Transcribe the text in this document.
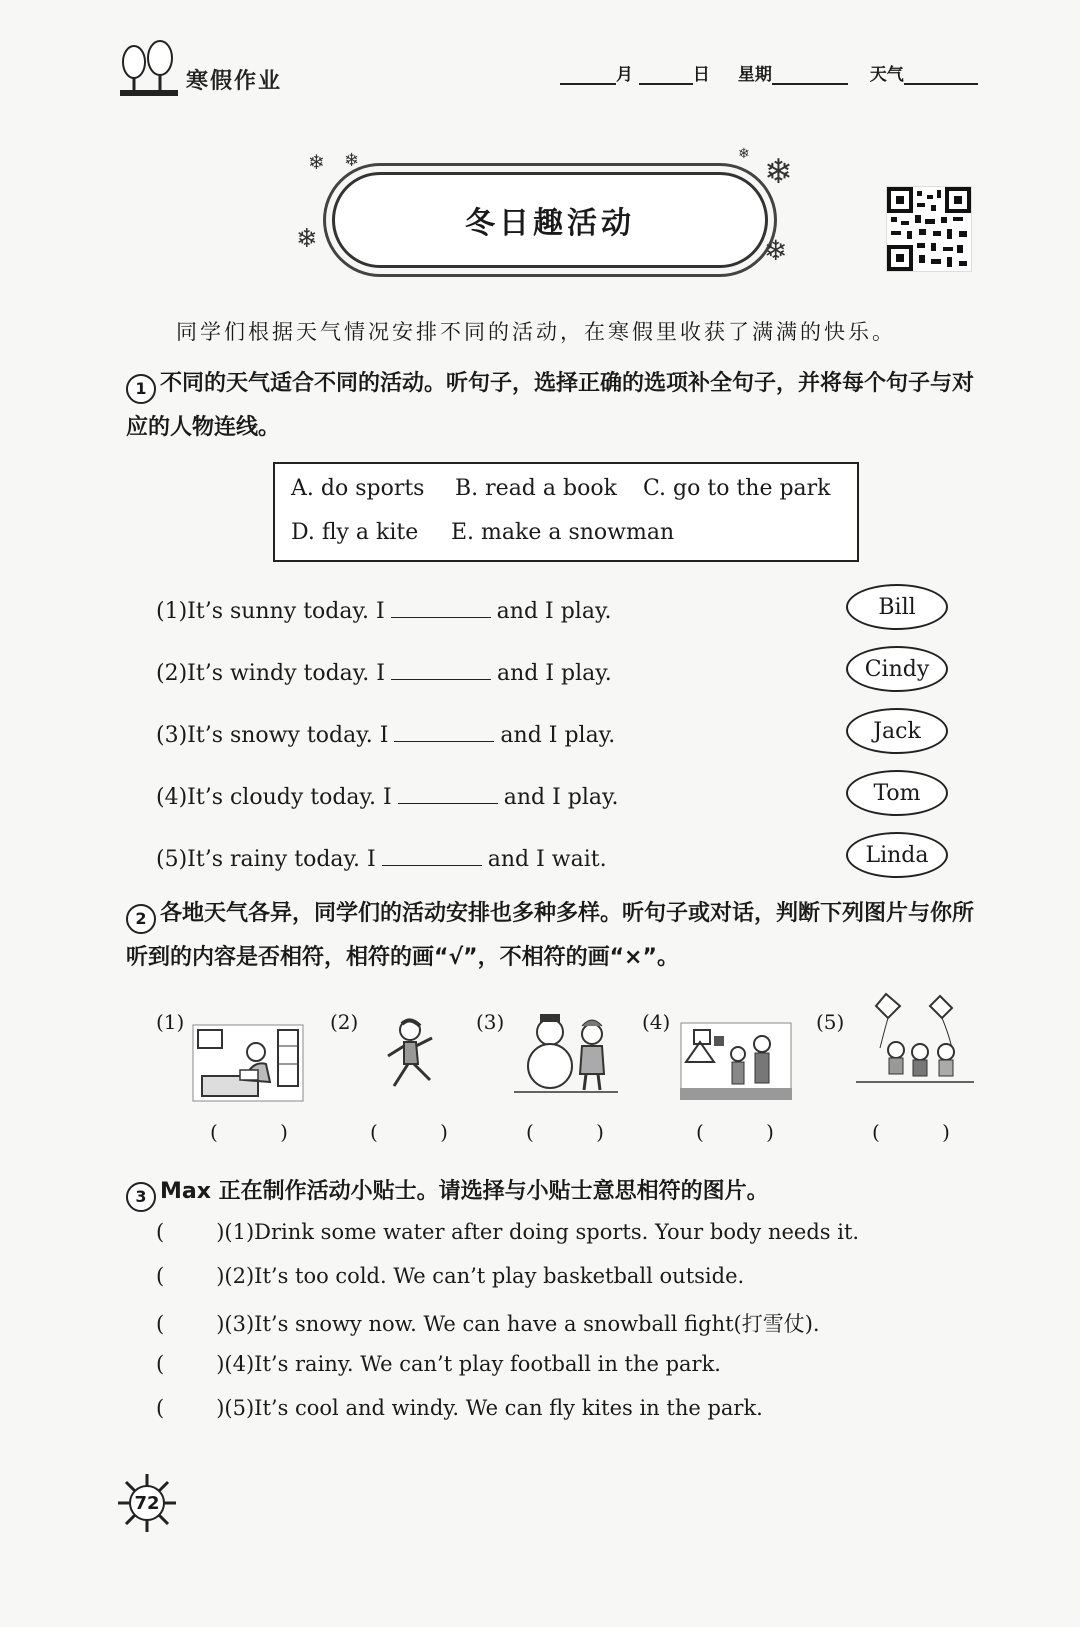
寒假作业	月	日 星期	天气
冬日趣活动
❄ ❄
❄
❄
❄
❄
同学们根据天气情况安排不同的活动，在寒假里收获了满满的快乐。
1 不同的天气适合不同的活动。听句子，选择正确的选项补全句子，并将每个句子与对应的人物连线。
A. do sports B. read a book C. go to the park
D. fly a kite E. make a snowman
(1)It’s sunny today. I	and I play.
(2)It’s windy today. I	and I play.
(3)It’s snowy today. I	and I play.
(4)It’s cloudy today. I	and I play.
(5)It’s rainy today. I	and I wait.
Bill
Cindy
Jack
Tom
Linda
2 各地天气各异，同学们的活动安排也多种多样。听句子或对话，判断下列图片与你所听到的内容是否相符，相符的画“√”，不相符的画“×”。
(1)
( )
(2)
( )
(3)
( )
(4)
( )
(5)
( )
3 Max 正在制作活动小贴士。请选择与小贴士意思相符的图片。
( )(1)Drink some water after doing sports. Your body needs it.
( )(2)It’s too cold. We can’t play basketball outside.
( )(3)It’s snowy now. We can have a snowball fight(打雪仗).
( )(4)It’s rainy. We can’t play football in the park.
( )(5)It’s cool and windy. We can fly kites in the park.
72
